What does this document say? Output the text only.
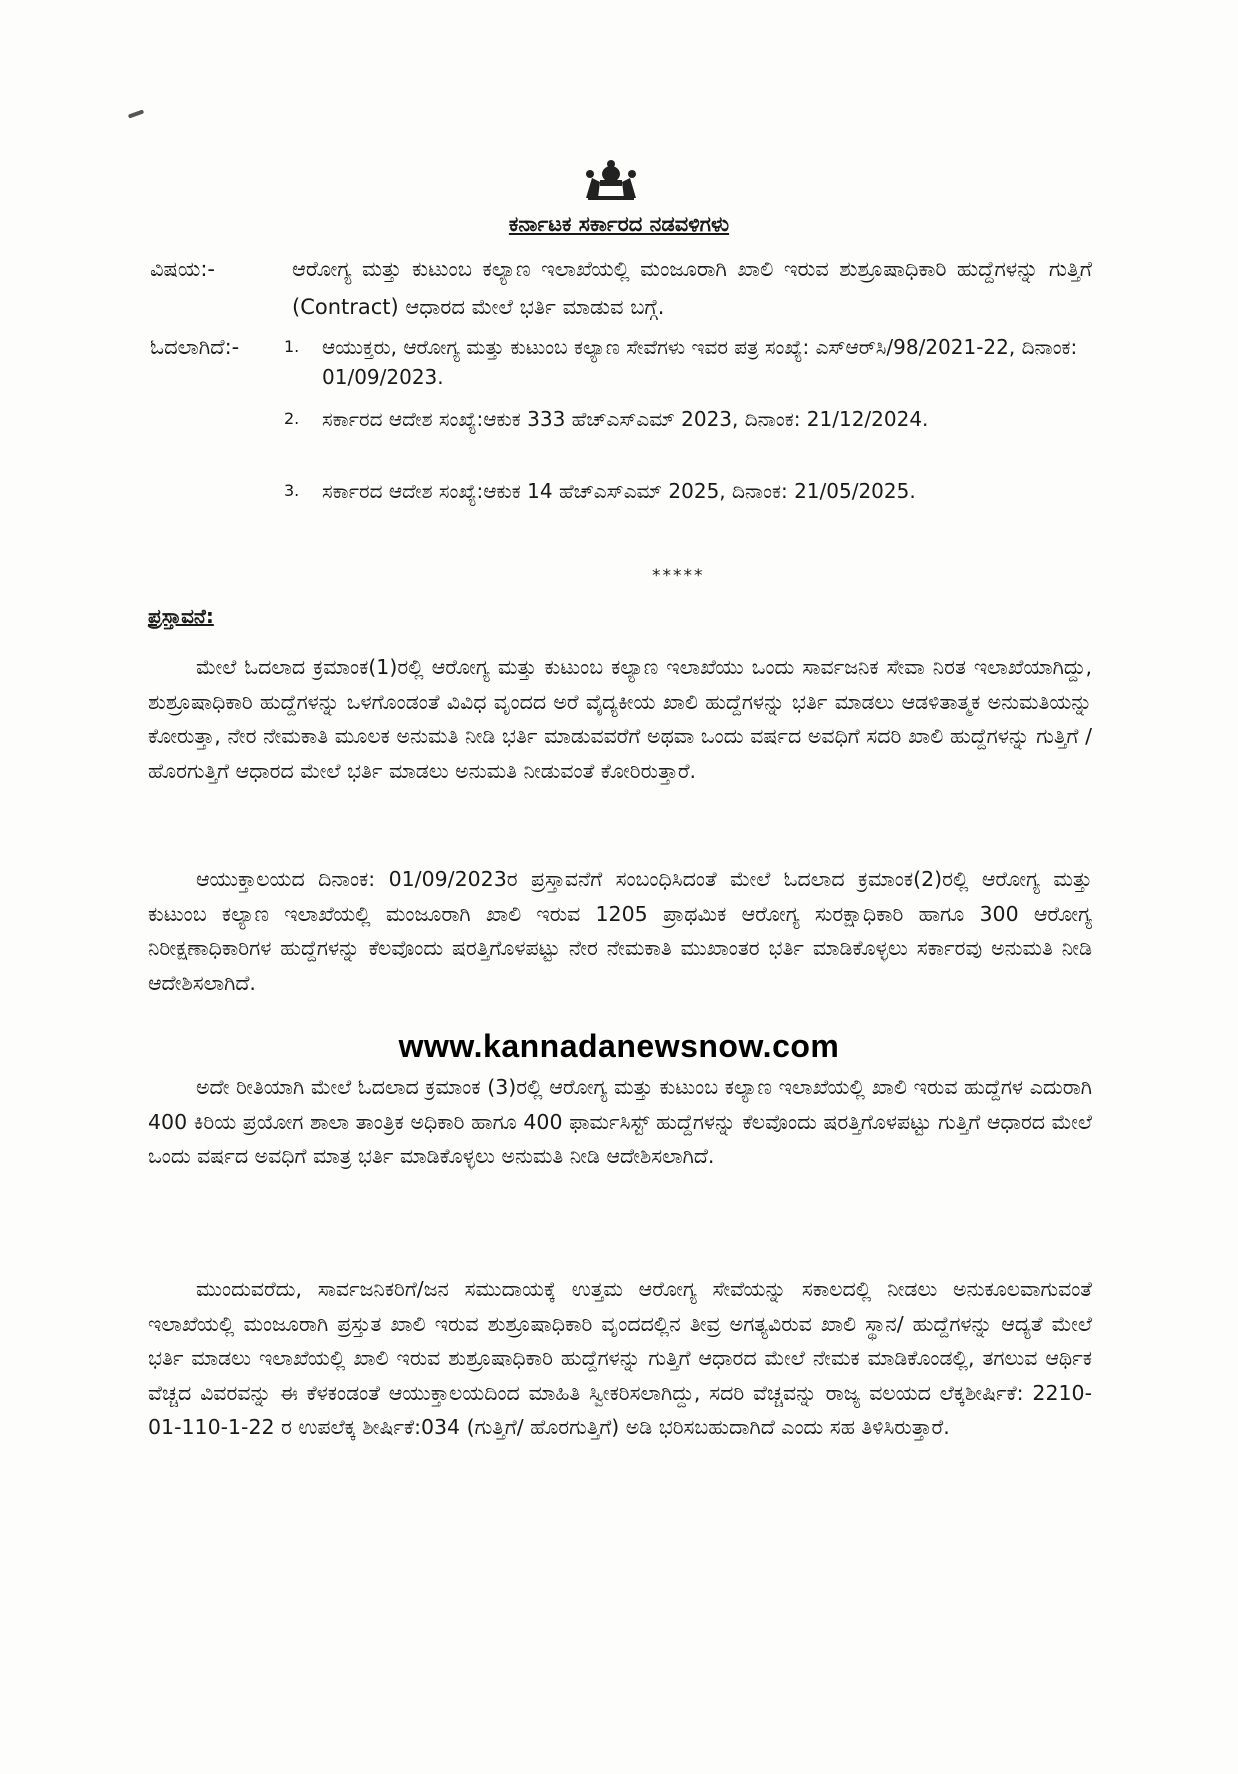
ಕರ್ನಾಟಕ ಸರ್ಕಾರದ ನಡವಳಿಗಳು
ವಿಷಯ:-	ಆರೋಗ್ಯ ಮತ್ತು ಕುಟುಂಬ ಕಲ್ಯಾಣ ಇಲಾಖೆಯಲ್ಲಿ ಮಂಜೂರಾಗಿ ಖಾಲಿ ಇರುವ ಶುಶ್ರೂಷಾಧಿಕಾರಿ ಹುದ್ದೆಗಳನ್ನು ಗುತ್ತಿಗೆ (Contract) ಆಧಾರದ ಮೇಲೆ ಭರ್ತಿ ಮಾಡುವ ಬಗ್ಗೆ.
ಓದಲಾಗಿದೆ:-	1.	ಆಯುಕ್ತರು, ಆರೋಗ್ಯ ಮತ್ತು ಕುಟುಂಬ ಕಲ್ಯಾಣ ಸೇವೆಗಳು ಇವರ ಪತ್ರ ಸಂಖ್ಯೆ: ಎಸ್‌ಆರ್‌ಸಿ/98/2021-22, ದಿನಾಂಕ: 01/09/2023.
2.	ಸರ್ಕಾರದ ಆದೇಶ ಸಂಖ್ಯೆ:ಆಕುಕ 333 ಹೆಚ್‌ಎಸ್‌ಎಮ್ 2023, ದಿನಾಂಕ: 21/12/2024.
3.	ಸರ್ಕಾರದ ಆದೇಶ ಸಂಖ್ಯೆ:ಆಕುಕ 14 ಹೆಚ್‌ಎಸ್‌ಎಮ್ 2025, ದಿನಾಂಕ: 21/05/2025.
*****
ಪ್ರಸ್ತಾವನೆ:
ಮೇಲೆ ಓದಲಾದ ಕ್ರಮಾಂಕ(1)ರಲ್ಲಿ ಆರೋಗ್ಯ ಮತ್ತು ಕುಟುಂಬ ಕಲ್ಯಾಣ ಇಲಾಖೆಯು ಒಂದು ಸಾರ್ವಜನಿಕ ಸೇವಾ ನಿರತ ಇಲಾಖೆಯಾಗಿದ್ದು, ಶುಶ್ರೂಷಾಧಿಕಾರಿ ಹುದ್ದೆಗಳನ್ನು ಒಳಗೊಂಡಂತೆ ವಿವಿಧ ವೃಂದದ ಅರೆ ವೈದ್ಯಕೀಯ ಖಾಲಿ ಹುದ್ದೆಗಳನ್ನು ಭರ್ತಿ ಮಾಡಲು ಆಡಳಿತಾತ್ಮಕ ಅನುಮತಿಯನ್ನು ಕೋರುತ್ತಾ, ನೇರ ನೇಮಕಾತಿ ಮೂಲಕ ಅನುಮತಿ ನೀಡಿ ಭರ್ತಿ ಮಾಡುವವರೆಗೆ ಅಥವಾ ಒಂದು ವರ್ಷದ ಅವಧಿಗೆ ಸದರಿ ಖಾಲಿ ಹುದ್ದೆಗಳನ್ನು ಗುತ್ತಿಗೆ / ಹೊರಗುತ್ತಿಗೆ ಆಧಾರದ ಮೇಲೆ ಭರ್ತಿ ಮಾಡಲು ಅನುಮತಿ ನೀಡುವಂತೆ ಕೋರಿರುತ್ತಾರೆ.
ಆಯುಕ್ತಾಲಯದ ದಿನಾಂಕ: 01/09/2023ರ ಪ್ರಸ್ತಾವನೆಗೆ ಸಂಬಂಧಿಸಿದಂತೆ ಮೇಲೆ ಓದಲಾದ ಕ್ರಮಾಂಕ(2)ರಲ್ಲಿ ಆರೋಗ್ಯ ಮತ್ತು ಕುಟುಂಬ ಕಲ್ಯಾಣ ಇಲಾಖೆಯಲ್ಲಿ ಮಂಜೂರಾಗಿ ಖಾಲಿ ಇರುವ 1205 ಪ್ರಾಥಮಿಕ ಆರೋಗ್ಯ ಸುರಕ್ಷಾಧಿಕಾರಿ ಹಾಗೂ 300 ಆರೋಗ್ಯ ನಿರೀಕ್ಷಣಾಧಿಕಾರಿಗಳ ಹುದ್ದೆಗಳನ್ನು ಕೆಲವೊಂದು ಷರತ್ತಿಗೊಳಪಟ್ಟು ನೇರ ನೇಮಕಾತಿ ಮುಖಾಂತರ ಭರ್ತಿ ಮಾಡಿಕೊಳ್ಳಲು ಸರ್ಕಾರವು ಅನುಮತಿ ನೀಡಿ ಆದೇಶಿಸಲಾಗಿದೆ.
ಅದೇ ರೀತಿಯಾಗಿ ಮೇಲೆ ಓದಲಾದ ಕ್ರಮಾಂಕ (3)ರಲ್ಲಿ ಆರೋಗ್ಯ ಮತ್ತು ಕುಟುಂಬ ಕಲ್ಯಾಣ ಇಲಾಖೆಯಲ್ಲಿ ಖಾಲಿ ಇರುವ ಹುದ್ದೆಗಳ ಎದುರಾಗಿ 400 ಕಿರಿಯ ಪ್ರಯೋಗ ಶಾಲಾ ತಾಂತ್ರಿಕ ಅಧಿಕಾರಿ ಹಾಗೂ 400 ಫಾರ್ಮಸಿಸ್ಟ್ ಹುದ್ದೆಗಳನ್ನು ಕೆಲವೊಂದು ಷರತ್ತಿಗೊಳಪಟ್ಟು ಗುತ್ತಿಗೆ ಆಧಾರದ ಮೇಲೆ ಒಂದು ವರ್ಷದ ಅವಧಿಗೆ ಮಾತ್ರ ಭರ್ತಿ ಮಾಡಿಕೊಳ್ಳಲು ಅನುಮತಿ ನೀಡಿ ಆದೇಶಿಸಲಾಗಿದೆ.
ಮುಂದುವರೆದು, ಸಾರ್ವಜನಿಕರಿಗೆ/ಜನ ಸಮುದಾಯಕ್ಕೆ ಉತ್ತಮ ಆರೋಗ್ಯ ಸೇವೆಯನ್ನು ಸಕಾಲದಲ್ಲಿ ನೀಡಲು ಅನುಕೂಲವಾಗುವಂತೆ ಇಲಾಖೆಯಲ್ಲಿ ಮಂಜೂರಾಗಿ ಪ್ರಸ್ತುತ ಖಾಲಿ ಇರುವ ಶುಶ್ರೂಷಾಧಿಕಾರಿ ವೃಂದದಲ್ಲಿನ ತೀವ್ರ ಅಗತ್ಯವಿರುವ ಖಾಲಿ ಸ್ಥಾನ/ ಹುದ್ದೆಗಳನ್ನು ಆದ್ಯತೆ ಮೇಲೆ ಭರ್ತಿ ಮಾಡಲು ಇಲಾಖೆಯಲ್ಲಿ ಖಾಲಿ ಇರುವ ಶುಶ್ರೂಷಾಧಿಕಾರಿ ಹುದ್ದೆಗಳನ್ನು ಗುತ್ತಿಗೆ ಆಧಾರದ ಮೇಲೆ ನೇಮಕ ಮಾಡಿಕೊಂಡಲ್ಲಿ, ತಗಲುವ ಆರ್ಥಿಕ ವೆಚ್ಚದ ವಿವರವನ್ನು ಈ ಕೆಳಕಂಡಂತೆ ಆಯುಕ್ತಾಲಯದಿಂದ ಮಾಹಿತಿ ಸ್ವೀಕರಿಸಲಾಗಿದ್ದು, ಸದರಿ ವೆಚ್ಚವನ್ನು ರಾಜ್ಯ ವಲಯದ ಲೆಕ್ಕಶೀರ್ಷಿಕೆ: 2210-01-110-1-22 ರ ಉಪಲೆಕ್ಕ ಶೀರ್ಷಿಕೆ:034 (ಗುತ್ತಿಗೆ/ ಹೊರಗುತ್ತಿಗೆ) ಅಡಿ ಭರಿಸಬಹುದಾಗಿದೆ ಎಂದು ಸಹ ತಿಳಿಸಿರುತ್ತಾರೆ.
www.kannadanewsnow.com
